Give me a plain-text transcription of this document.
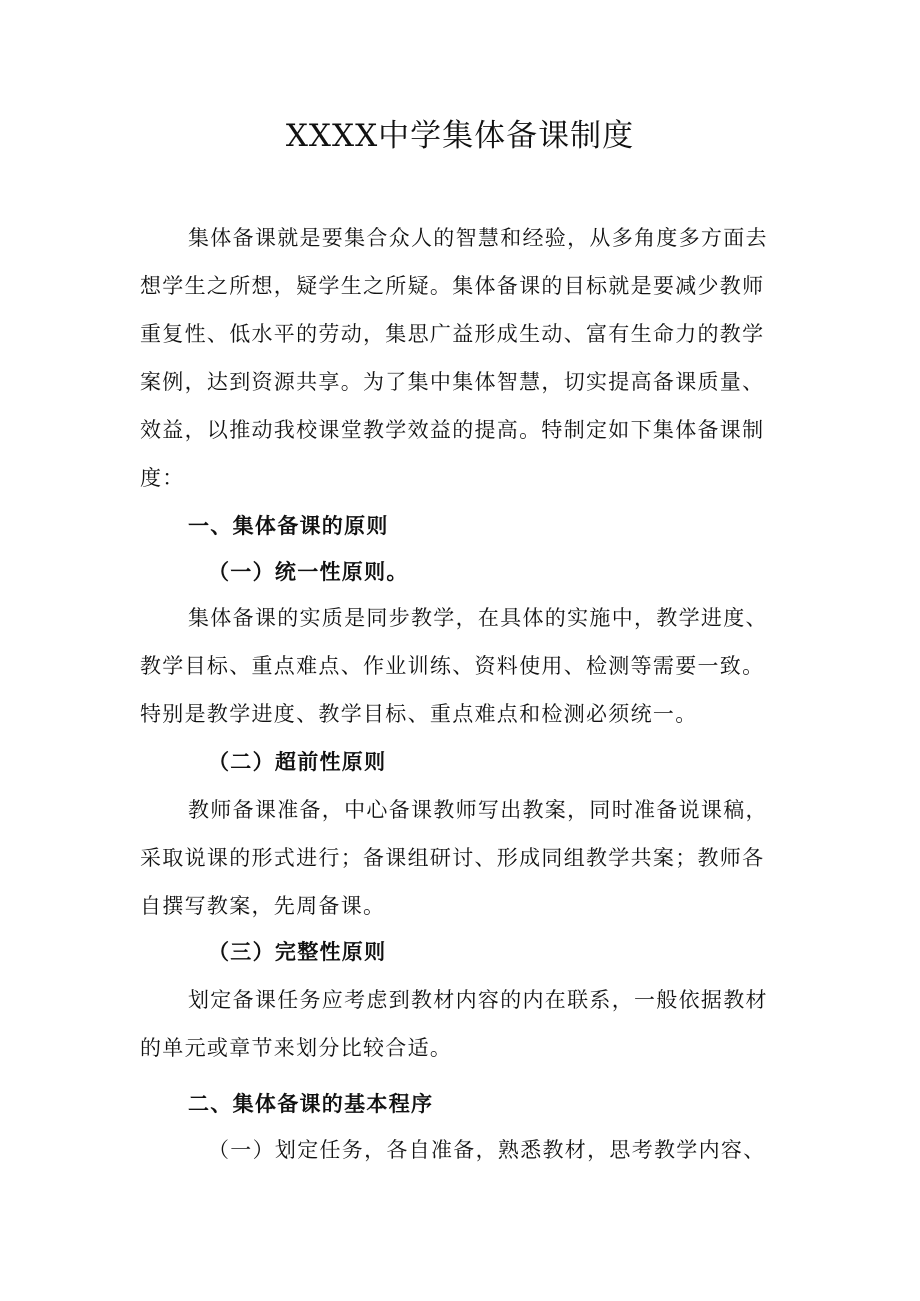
XXXX中学集体备课制度

集体备课就是要集合众人的智慧和经验，从多角度多方面去

想学生之所想，疑学生之所疑。集体备课的目标就是要减少教师

重复性、低水平的劳动，集思广益形成生动、富有生命力的教学

案例，达到资源共享。为了集中集体智慧，切实提高备课质量、

效益，以推动我校课堂教学效益的提高。特制定如下集体备课制

度：

一、集体备课的原则

（一）统一性原则。

集体备课的实质是同步教学，在具体的实施中，教学进度、

教学目标、重点难点、作业训练、资料使用、检测等需要一致。

特别是教学进度、教学目标、重点难点和检测必须统一。

（二）超前性原则

教师备课准备，中心备课教师写出教案，同时准备说课稿，

采取说课的形式进行；备课组研讨、形成同组教学共案；教师各

自撰写教案，先周备课。

（三）完整性原则

划定备课任务应考虑到教材内容的内在联系，一般依据教材

的单元或章节来划分比较合适。

二、集体备课的基本程序

（一）划定任务，各自准备，熟悉教材，思考教学内容、
